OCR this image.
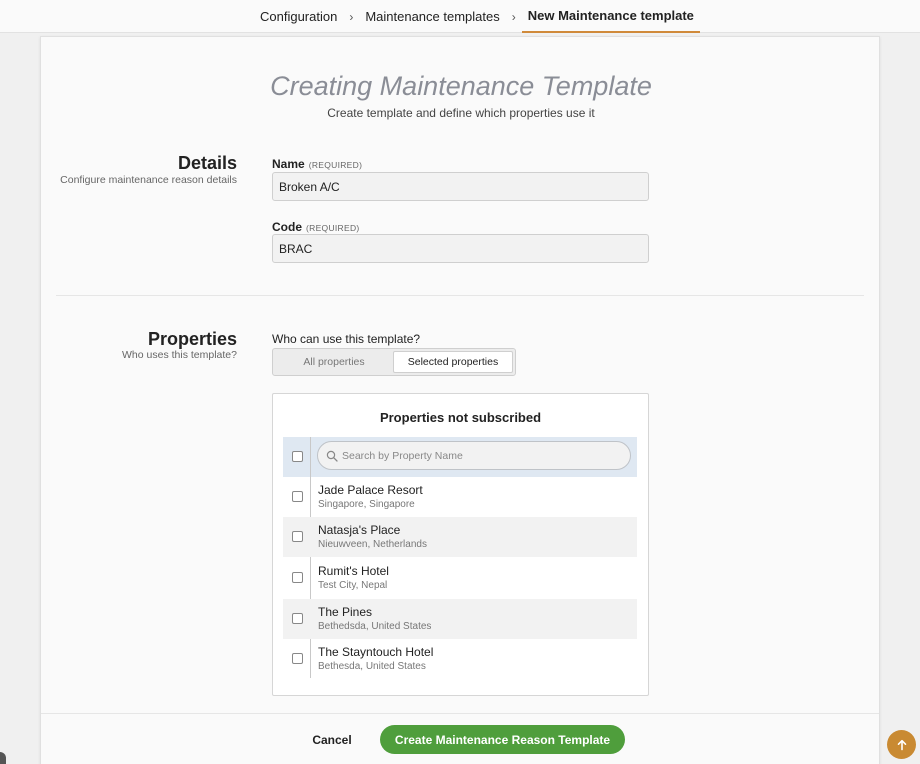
Configuration › Maintenance templates › New Maintenance template
Creating Maintenance Template
Create template and define which properties use it
Details
Configure maintenance reason details
Name (REQUIRED)
Broken A/C
Code (REQUIRED)
BRAC
Properties
Who uses this template?
Who can use this template?
All properties	Selected properties
Properties not subscribed
Search by Property Name
Jade Palace Resort
Singapore, Singapore
Natasja's Place
Nieuwveen, Netherlands
Rumit's Hotel
Test City, Nepal
The Pines
Bethedsda, United States
The Stayntouch Hotel
Bethesda, United States
Cancel	Create Maintenance Reason Template
